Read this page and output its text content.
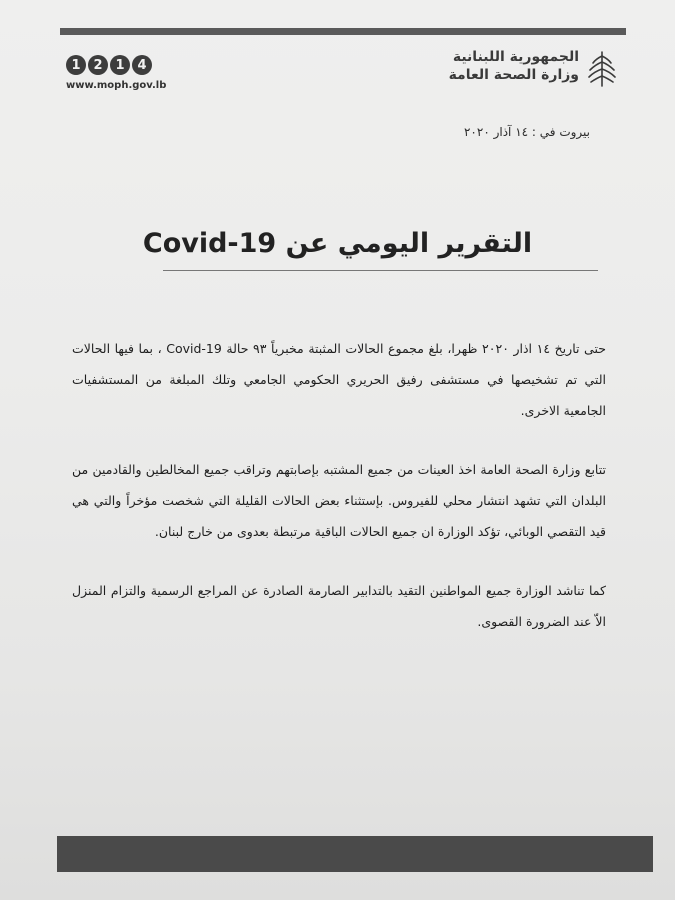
1 2 1 4
www.moph.gov.lb
الجمهورية اللبنانية
وزارة الصحة العامة
بيروت في : ١٤ آذار ٢٠٢٠
التقرير اليومي عن Covid-19

حتى تاريخ ١٤ اذار ٢٠٢٠ ظهرا، بلغ مجموع الحالات المثبتة مخبرياً ٩٣ حالة Covid-19 ، بما فيها الحالات التي تم تشخيصها في مستشفى رفيق الحريري الحكومي الجامعي وتلك المبلغة من المستشفيات الجامعية الاخرى.

تتابع وزارة الصحة العامة اخذ العينات من جميع المشتبه بإصابتهم وتراقب جميع المخالطين والقادمين من البلدان التي تشهد انتشار محلي للفيروس. بإستثناء بعض الحالات القليلة التي شخصت مؤخراً والتي هي قيد التقصي الوبائي، تؤكد الوزارة ان جميع الحالات الباقية مرتبطة بعدوى من خارج لبنان.

كما تناشد الوزارة جميع المواطنين التقيد بالتدابير الصارمة الصادرة عن المراجع الرسمية والتزام المنزل الاّ عند الضرورة القصوى.
